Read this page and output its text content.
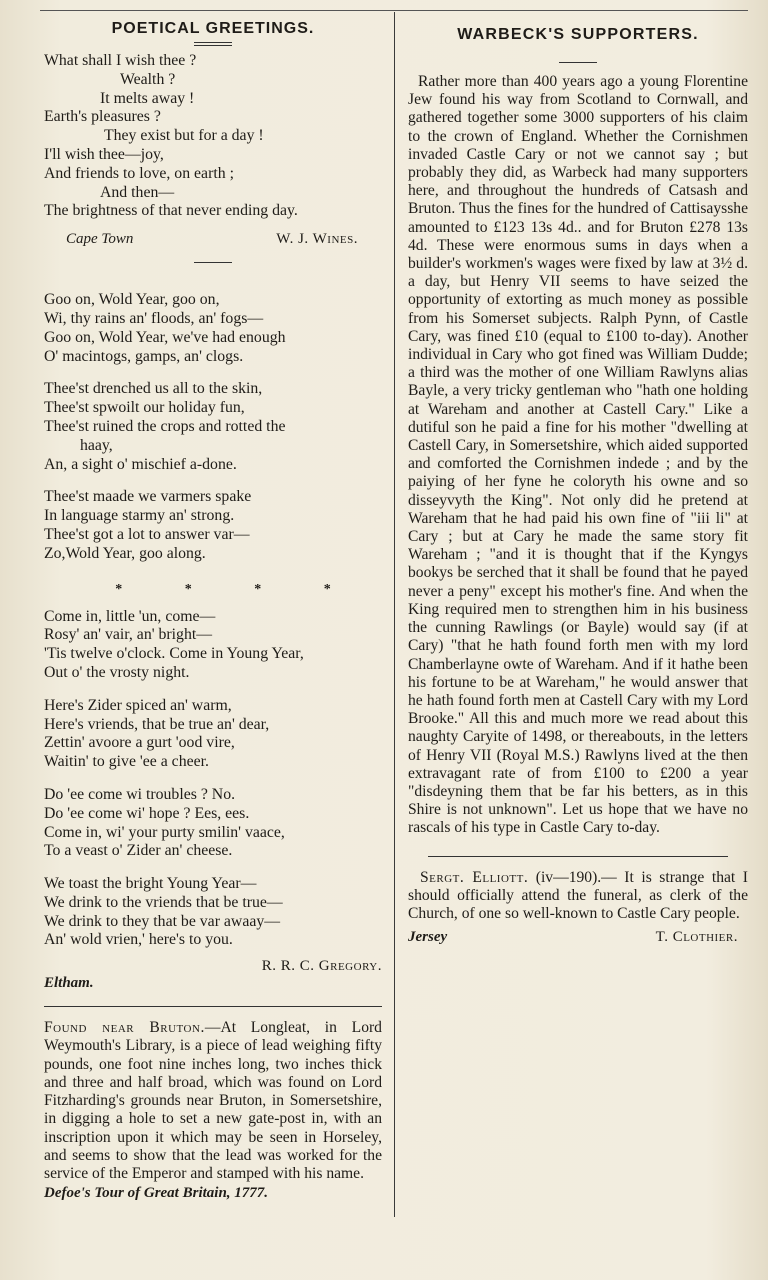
POETICAL GREETINGS.
What shall I wish thee ?
Wealth ?
It melts away !
Earth's pleasures ?
They exist but for a day !
I'll wish thee—joy,
And friends to love, on earth ;
And then—
The brightness of that never ending day.
Cape Town	W. J. Wines.
Goo on, Wold Year, goo on,
Wi, thy rains an' floods, an' fogs—
Goo on, Wold Year, we've had enough
O' macintogs, gamps, an' clogs.
Thee'st drenched us all to the skin,
Thee'st spwoilt our holiday fun,
Thee'st ruined the crops and rotted the
haay,
An, a sight o' mischief a-done.
Thee'st maade we varmers spake
In language starmy an' strong.
Thee'st got a lot to answer var—
Zo,Wold Year, goo along.
*	*	*	*
Come in, little 'un, come—
Rosy' an' vair, an' bright—
'Tis twelve o'clock. Come in Young Year,
Out o' the vrosty night.
Here's Zider spiced an' warm,
Here's vriends, that be true an' dear,
Zettin' avoore a gurt 'ood vire,
Waitin' to give 'ee a cheer.
Do 'ee come wi troubles ? No.
Do 'ee come wi' hope ? Ees, ees.
Come in, wi' your purty smilin' vaace,
To a veast o' Zider an' cheese.
We toast the bright Young Year—
We drink to the vriends that be true—
We drink to they that be var awaay—
An' wold vrien,' here's to you.
R. R. C. Gregory.
Eltham.

Found near Bruton.—At Longleat, in Lord Weymouth's Library, is a piece of lead weighing fifty pounds, one foot nine inches long, two inches thick and three and half broad, which was found on Lord Fitzharding's grounds near Bruton, in Somersetshire, in digging a hole to set a new gate-post in, with an inscription upon it which may be seen in Horseley, and seems to show that the lead was worked for the service of the Emperor and stamped with his name.

Defoe's Tour of Great Britain, 1777.
WARBECK'S SUPPORTERS.

Rather more than 400 years ago a young Florentine Jew found his way from Scotland to Cornwall, and gathered together some 3000 supporters of his claim to the crown of England. Whether the Cornishmen invaded Castle Cary or not we cannot say ; but probably they did, as Warbeck had many supporters here, and throughout the hundreds of Catsash and Bruton. Thus the fines for the hundred of Cattisaysshe amounted to £123 13s 4d.. and for Bruton £278 13s 4d. These were enormous sums in days when a builder's workmen's wages were fixed by law at 3½ d. a day, but Henry VII seems to have seized the opportunity of extorting as much money as possible from his Somerset subjects. Ralph Pynn, of Castle Cary, was fined £10 (equal to £100 to-day). Another individual in Cary who got fined was William Dudde; a third was the mother of one William Rawlyns alias Bayle, a very tricky gentleman who "hath one holding at Wareham and another at Castell Cary." Like a dutiful son he paid a fine for his mother "dwelling at Castell Cary, in Somersetshire, which aided supported and comforted the Cornishmen indede ; and by the paiying of her fyne he coloryth his owne and so disseyvyth the King". Not only did he pretend at Wareham that he had paid his own fine of "iii li" at Cary ; but at Cary he made the same story fit Wareham ; "and it is thought that if the Kyngys bookys be serched that it shall be found that he payed never a peny" except his mother's fine. And when the King required men to strengthen him in his business the cunning Rawlings (or Bayle) would say (if at Cary) "that he hath found forth men with my lord Chamberlayne owte of Wareham. And if it hathe been his fortune to be at Wareham," he would answer that he hath found forth men at Castell Cary with my Lord Brooke." All this and much more we read about this naughty Caryite of 1498, or thereabouts, in the letters of Henry VII (Royal M.S.) Rawlyns lived at the then extravagant rate of from £100 to £200 a year "disdeyning them that be far his betters, as in this Shire is not unknown". Let us hope that we have no rascals of his type in Castle Cary to-day.

Sergt. Elliott. (iv—190).— It is strange that I should officially attend the funeral, as clerk of the Church, of one so well-known to Castle Cary people.

Jersey	T. Clothier.
